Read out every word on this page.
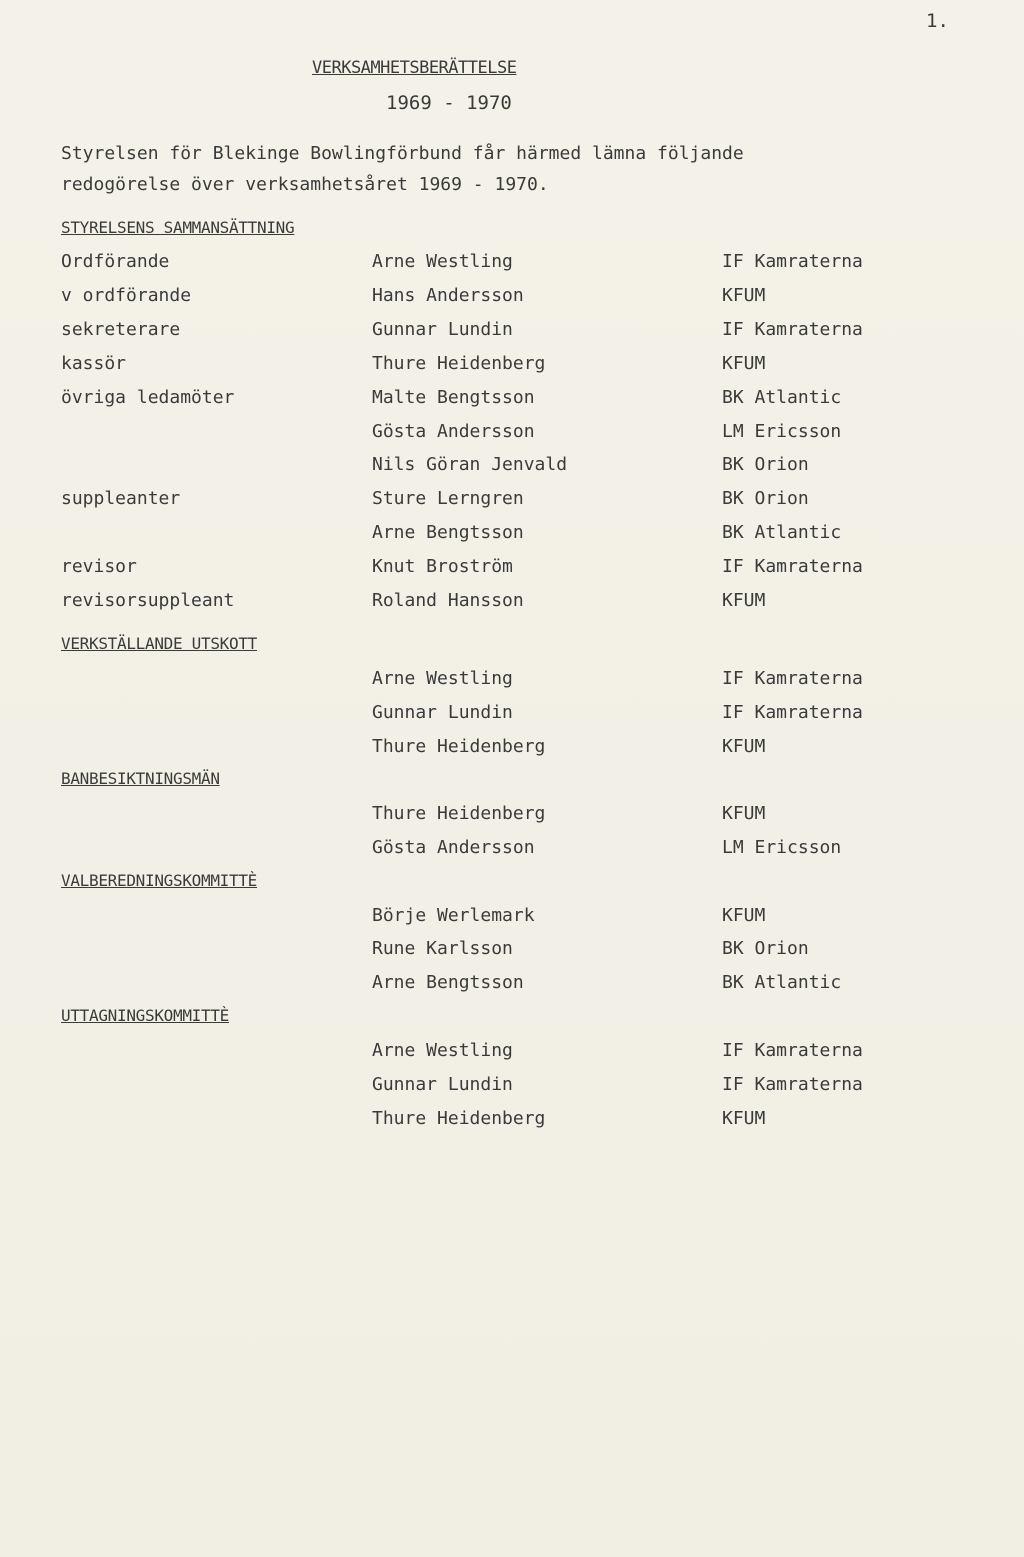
1.
VERKSAMHETSBERÄTTELSE
1969 - 1970
Styrelsen för Blekinge Bowlingförbund får härmed lämna följande
redogörelse över verksamhetsåret 1969 - 1970.
STYRELSENS SAMMANSÄTTNING
Ordförande	Arne Westling	IF Kamraterna
v ordförande	Hans Andersson	KFUM
sekreterare	Gunnar Lundin	IF Kamraterna
kassör	Thure Heidenberg	KFUM
övriga ledamöter	Malte Bengtsson	BK Atlantic
Gösta Andersson	LM Ericsson
Nils Göran Jenvald	BK Orion
suppleanter	Sture Lerngren	BK Orion
Arne Bengtsson	BK Atlantic
revisor	Knut Broström	IF Kamraterna
revisorsuppleant	Roland Hansson	KFUM
VERKSTÄLLANDE UTSKOTT
Arne Westling	IF Kamraterna
Gunnar Lundin	IF Kamraterna
Thure Heidenberg	KFUM
BANBESIKTNINGSMÄN
Thure Heidenberg	KFUM
Gösta Andersson	LM Ericsson
VALBEREDNINGSKOMMITTÈ
Börje Werlemark	KFUM
Rune Karlsson	BK Orion
Arne Bengtsson	BK Atlantic
UTTAGNINGSKOMMITTÈ
Arne Westling	IF Kamraterna
Gunnar Lundin	IF Kamraterna
Thure Heidenberg	KFUM
